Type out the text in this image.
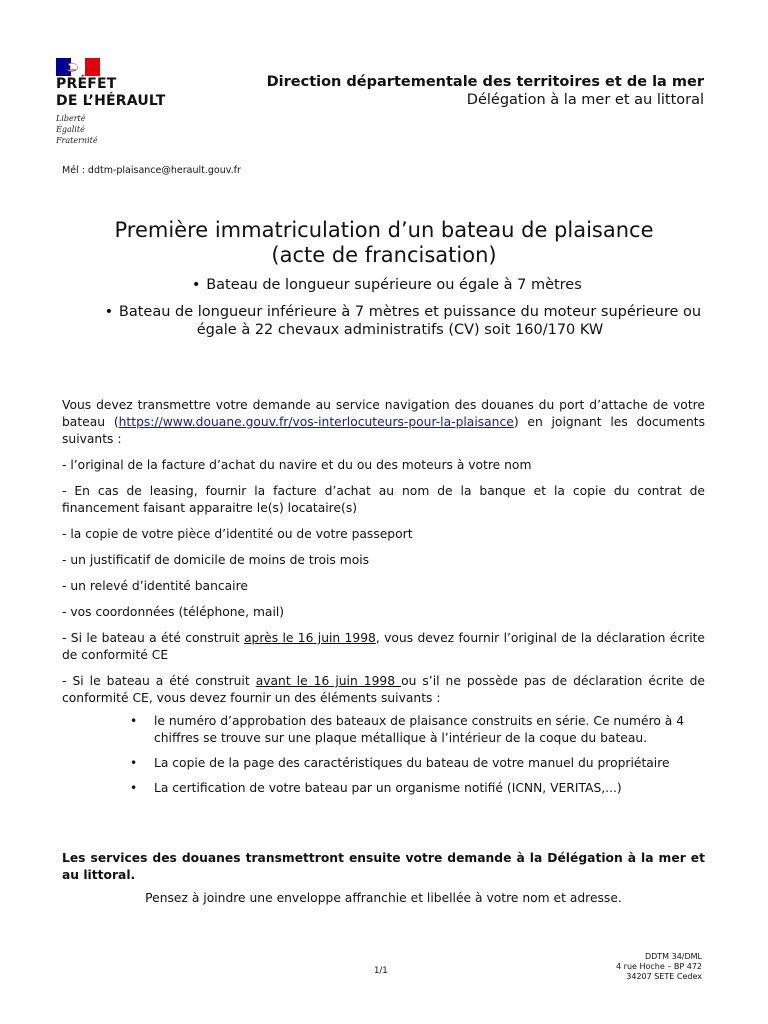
PRÉFET
DE L’HÉRAULT
Liberté
Égalité
Fraternité
Direction départementale des territoires et de la mer
Délégation à la mer et au littoral
Mél : ddtm-plaisance@herault.gouv.fr
Première immatriculation d’un bateau de plaisance
(acte de francisation)
• Bateau de longueur supérieure ou égale à 7 mètres
• Bateau de longueur inférieure à 7 mètres et puissance du moteur supérieure ou égale à 22 chevaux administratifs (CV) soit 160/170 KW

Vous devez transmettre votre demande au service navigation des douanes du port d’attache de votre bateau (https://www.douane.gouv.fr/vos-interlocuteurs-pour-la-plaisance) en joignant les documents suivants :

- l’original de la facture d’achat du navire et du ou des moteurs à votre nom

- En cas de leasing, fournir la facture d’achat au nom de la banque et la copie du contrat de financement faisant apparaitre le(s) locataire(s)

- la copie de votre pièce d’identité ou de votre passeport

- un justificatif de domicile de moins de trois mois

- un relevé d’identité bancaire

- vos coordonnées (téléphone, mail)

- Si le bateau a été construit après le 16 juin 1998, vous devez fournir l’original de la déclaration écrite de conformité CE

- Si le bateau a été construit avant le 16 juin 1998 ou s’il ne possède pas de déclaration écrite de conformité CE, vous devez fournir un des éléments suivants :

• le numéro d’approbation des bateaux de plaisance construits en série. Ce numéro à 4 chiffres se trouve sur une plaque métallique à l’intérieur de la coque du bateau.
• La copie de la page des caractéristiques du bateau de votre manuel du propriétaire
• La certification de votre bateau par un organisme notifié (ICNN, VERITAS,...)
Les services des douanes transmettront ensuite votre demande à la Délégation à la mer et au littoral.
Pensez à joindre une enveloppe affranchie et libellée à votre nom et adresse.
1/1
DDTM 34/DML
4 rue Hoche – BP 472
34207 SETE Cedex
